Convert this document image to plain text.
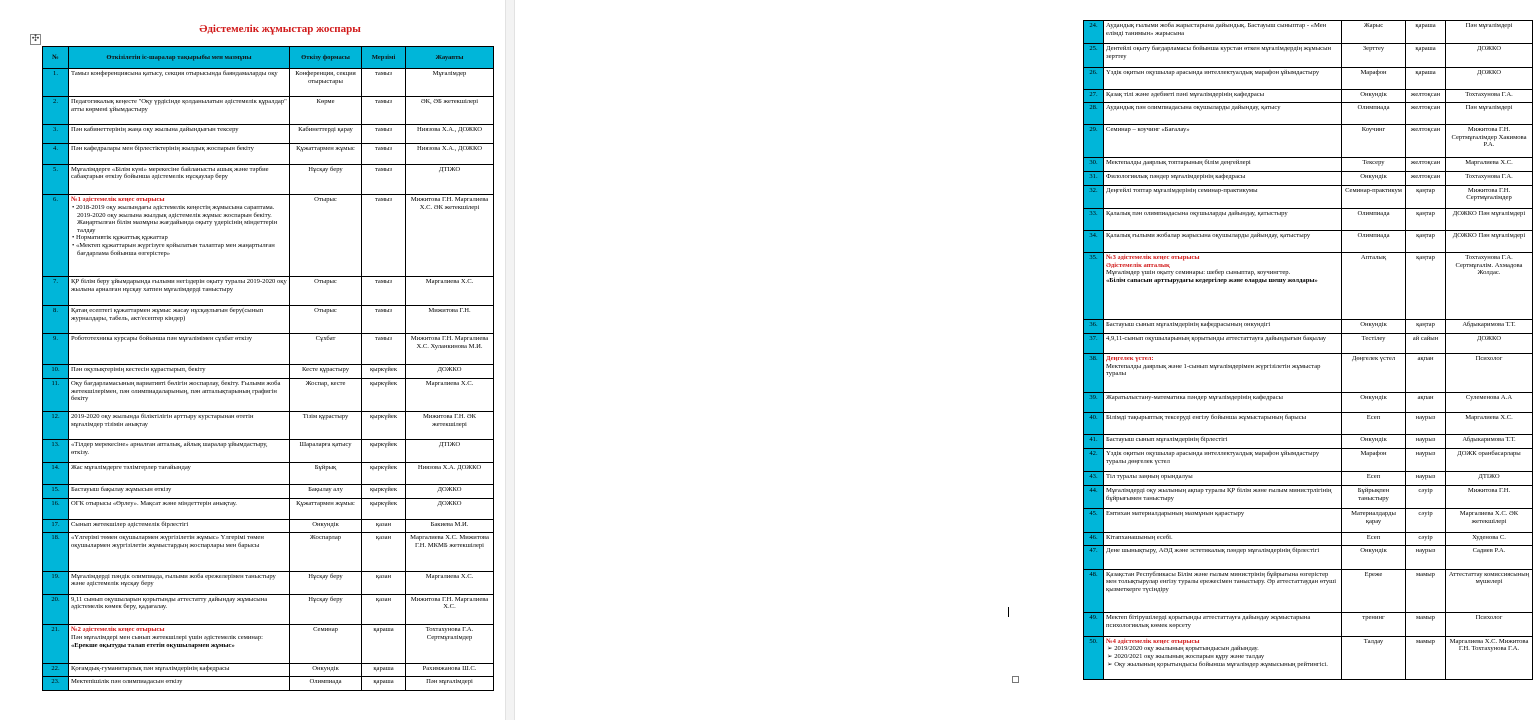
Әдістемелік жұмыстар жоспары
✣
№	Өткізілетін іс-шаралар тақырыбы мен мазмұны	Өткізу формасы	Мерзімі	Жауапты
1.	Тамыз конференциясына қатысу, секция отырысында баяндамаларды оқу	Конференция, секция отырыстары	тамыз	Мұғалімдер
2.	Педагогикалық кеңесте "Оқу үрдісінде қолданылатын әдістемелік құралдар" атты көрмені ұйымдастыру	Көрме	тамыз	ӘК, ӘБ жетекшілері
3.	Пән кабинеттерінің жаңа оқу жылына дайындығын тексеру	Кабинеттерді қарау	тамыз	Ниязова Х.А., ДОЖКО
4.	Пән кафедралары мен бірлестіктерінің жылдық жоспарын бекіту	Құжаттармен жұмыс	тамыз	Ниязова Х.А., ДОЖКО
5.	Мұғалімдерге «Білім күні» мерекесіне байланысты ашық және тәрбие сабақтарын өткізу бойынша әдістемелік нұсқаулар беру	Нұсқау беру	тамыз	ДТІЖО
6.	№1 әдістемелік кеңес отырысы
• 2018-2019 оқу жылындағы әдістемелік кеңестің жұмысына сараптама. 2019-2020 оқу жылына жылдық әдістемелік жұмыс жоспарын бекіту. Жаңартылған білім мазмұны жағдайында оқыту үдерісінің міндеттерін талдау
• Нормативтік құжаттық құжаттар
• «Мектеп құжаттарын жүргізуге қойылатын талаптар мен жаңартылған бағдарлама бойынша өзгерістер»	Отырыс	тамыз	Мижитова Г.Н. Маргалиева Х.С. ӘК жетекшілері
7.	ҚР білім беру ұйымдарында ғылыми негіздерін оқыту туралы 2019-2020 оқу жылына арналған нұсқау хатпен мұғалімдерді таныстыру	Отырыс	тамыз	Маргалиева Х.С.
8.	Қатаң есептегі құжаттармен жұмыс жасау нұсқаулығын беру(сынып журналдары, табель, акт/есептер кіндер)	Отырыс	тамыз	Мижитова Г.Н.
9.	Робототехника курсары бойынша пән мұғалімімен сұхбат өткізу	Сұхбат	тамыз	Мижитова Г.Н. Маргалиева Х.С. Хуланкинова М.И.
10.	Пән оқулықтерінің кестесін құрастырып, бекіту	Кесте құрастыру	қыркүйек	ДОЖКО
11.	Оқу бағдарламасының вариативті бөлігін жоспарлау, бекіту. Ғылыми жоба жетекшілерімен, пән олимпиадаларының, пән апталықтарының графигін бекіту	Жоспар, кесте	қыркүйек	Маргалиева Х.С.
12.	2019-2020 оқу жылында біліктілігін арттыру курстарынан өтетін мұғалімдер тізімін анықтау	Тізім құрастыру	қыркүйек	Мижитова Г.Н. ӘК жетекшілері
13.	«Тілдер мерекесіне» арналған апталық, айлық шаралар ұйымдастыру, өткізу.	Шараларға қатысу	қыркүйек	ДТІЖО
14.	Жас мұғалімдерге тәлімгерлер тағайындау	Бұйрық	қыркүйек	Ниязова Х.А. ДОЖКО
15.	Бастауыш бақылау жұмысын өткізу	Бақылау алу	қыркүйек	ДОЖКО
16.	ОГК отырысы «Өрлеу». Мақсат және міндеттерін анықтау.	Құжаттармен жұмыс	қыркүйек	ДОЖКО
17.	Сынып жетекшілер әдістемелік бірлестігі	Онкундік	қазан	Бакиева М.И.
18.	«Үлгерімі төмен оқушылармен жүргізілетін жұмыс» Үлгерімі төмен оқушылармен жүргізілетін жұмыстардың жоспарлары мен барысы	Жоспарлар	қазан	Маргалиева Х.С. Мижитова Г.Н. МКМБ жетекшілері
19.	Мұғалімдерді пәндік олимпиада, ғылыми жоба ережелерімен таныстыру және әдістемелік нұсқау беру	Нұсқау беру	қазан	Маргалиева Х.С.
20.	9,11 сынып оқушыларын қорытынды аттестатту дайындау жұмысына әдістемелік көмек беру, қадағалау.	Нұсқау беру	қазан	Мижитова Г.Н. Маргалиева Х.С.
21.	№2 әдістемелік кеңес отырысы
Пән мұғалімдері мен сынып жетекшілері үшін әдістемелік семинар:
«Ерекше оқытуды талап ететін оқушылармен жұмыс»	Семинар	қараша	Тохтахунова Г.А. Сертмұғалімдер
22.	Қоғамдық-гуманитарлық пән мұғалімдерінің кафедрасы	Онкундік	қараша	Рахимжанова Ш.С.
23.	Мектепішілік пән олимпиадасын өткізу	Олимпиада	қараша	Пән мұғалімдері
24.	Аудандық ғылыми жоба жарыстарына дайындық. Бастауыш сыныптар - «Мен елімді танимын» жарысына	Жарыс	қараша	Пән мұғалімдері
25.	Дентейлі оқыту бағдарламасы бойынша курстан өткен мұғалімдердің жұмысын зерттеу	Зерттеу	қараша	ДОЖКО
26.	Үздік оқитын оқушылар арасында интеллектуалдық марафон ұйымдастыру	Марафон	қараша	ДОЖКО
27.	Қазақ тілі және әдебиеті пәні мұғалімдерінің кафедрасы	Онкундік	желтоқсан	Тохтахунова Г.А.
28.	Аудандық пән олимпиадасына оқушыларды дайындау, қатысу	Олимпиада	желтоқсан	Пән мұғалімдері
29.	Семинар – коучинг «Бағалау»	Коучинг	желтоқсан	Мижитова Г.Н. Сертмұғалімдер Хакимова Р.А.
30.	Мектепалды даярлық топтарының білім деңгейлері	Тексеру	желтоқсан	Маргалиева Х.С.
31.	Филологиялық пәндер мұғалімдерінің кафедрасы	Онкундік	желтоқсан	Тохтахунова Г.А.
32.	Деңгейлі топтар мұғалімдерінің семинар-практикумы	Семинар-практикум	қаңтар	Мижитова Г.Н. Сертмұғалімдер
33.	Қалалық пән олимпиадасына оқушыларды дайындау, қатыстыру	Олимпиада	қаңтар	ДОЖКО Пән мұғалімдері
34.	Қалалық ғылыми жобалар жарысына оқушыларды дайындау, қатыстыру	Олимпиада	қаңтар	ДОЖКО Пән мұғалімдері
35.	№3 әдістемелік кеңес отырысы
Әдістемелік апталық
Мұғалімдер үшін оқыту семинары: шебер сыныптар, коучингтер.
«Білім сапасын арттырудағы кедергілер және оларды шешу жолдары»	Апталық	қаңтар	Тохтахунова Г.А. Сертмұғалім. Ахмадова Жолдас.
36.	Бастауыш сынып мұғалімдерінің кафедрасының онкундігі	Онкундік	қаңтар	Абдыкаримова Т.Т.
37.	4,9,11-сынып оқушыларының қорытынды аттестаттауға дайындығын бақылау	Тестілеу	ай сайын	ДОЖКО
38.	Деңгелек үстел:
Мектепалды даярлық және 1-сынып мұғалімдерімен жүргізілетін жұмыстар туралы	Дөңгелек үстел	ақпан	Психолог
39.	Жаратылыстану-математика пәндер мұғалімдерінің кафедрасы	Онкундік	ақпан	Сулеменова А.А
40.	Білімді тақырыптық тексеруді енгізу бойынша жұмыстарының барысы	Есеп	наурыз	Маргалиева Х.С.
41.	Бастауыш сынып мұғалімдерінің бірлестігі	Онкундік	наурыз	Абдыкаримова Т.Т.
42.	Үздік оқитын оқушылар арасында интеллектуалдық марафон ұйымдастыру туралы дөңгелек үстел	Марафон	наурыз	ДОЖК оранбасарлары
43.	Тіл туралы заңның орындалуы	Есеп	наурыз	ДТІЖО
44.	Мұғалімдерді оқу жылының ақпар туралы ҚР білім және ғылым министрлігінің бұйрығымен таныстыру	Бұйрықпен таныстыру	сәуір	Мижитова Г.Н.
45.	Емтихан материалдарының мазмұнын қарастыру	Материалдарды қарау	сәуір	Маргалиева Х.С. ӘК жетекшілері
46.	Кітапханашының есебі.	Есеп	сәуір	Худенова С.
47.	Дене шынықтыру, АӘД және эстетикалық пәндер мұғалімдерінің бірлестігі	Онкундік	наурыз	Садиев Р.А.
48.	Қазақстан Республикасы Білім және ғылым министрінің бұйрығына өзгерістер мен толықтырулар енгізу туралы ережесімен таныстыру. Әр аттестаттаудан өтуші қызметкерге түсіндіру	Ереже	мамыр	Аттестаттау комиссиясының мүшелері
49.	Мектеп бітірушілерді қорытынды аттестаттауға дайындау жұмыстарына психологиялық көмек көрсету	тренинг	мамыр	Психолог
50.	№4 әдістемелік кеңес отырысы
➢ 2019/2020 оқу жылының қорытындысын дайындау.
➢ 2020/2021 оқу жылының жоспарын құру және талдау
➢ Оқу жылының қорытындысы бойынша мұғалімдер жұмысының рейтингісі.	Талдау	мамыр	Маргалиева Х.С. Мижитова Г.Н. Тохтахунова Г.А.
